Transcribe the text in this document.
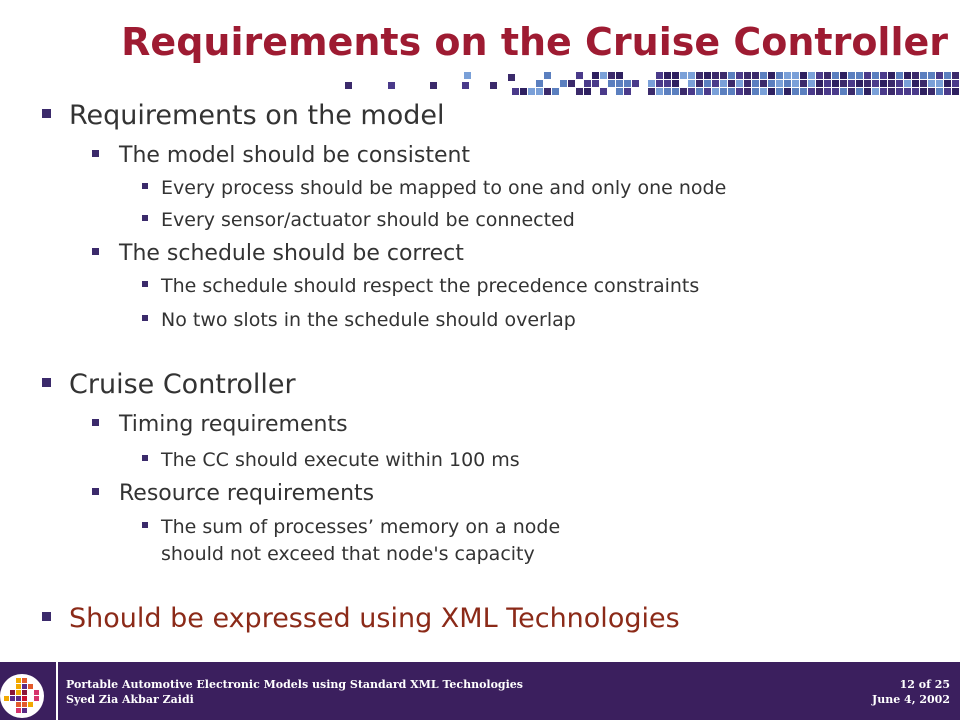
Requirements on the Cruise Controller
Requirements on the model
The model should be consistent
Every process should be mapped to one and only one node
Every sensor/actuator should be connected
The schedule should be correct
The schedule should respect the precedence constraints
No two slots in the schedule should overlap
Cruise Controller
Timing requirements
The CC should execute within 100 ms
Resource requirements
The sum of processes’ memory on a node
should not exceed that node's capacity
Should be expressed using XML Technologies
Portable Automotive Electronic Models using Standard XML Technologies
Syed Zia Akbar Zaidi
12 of 25
June 4, 2002
